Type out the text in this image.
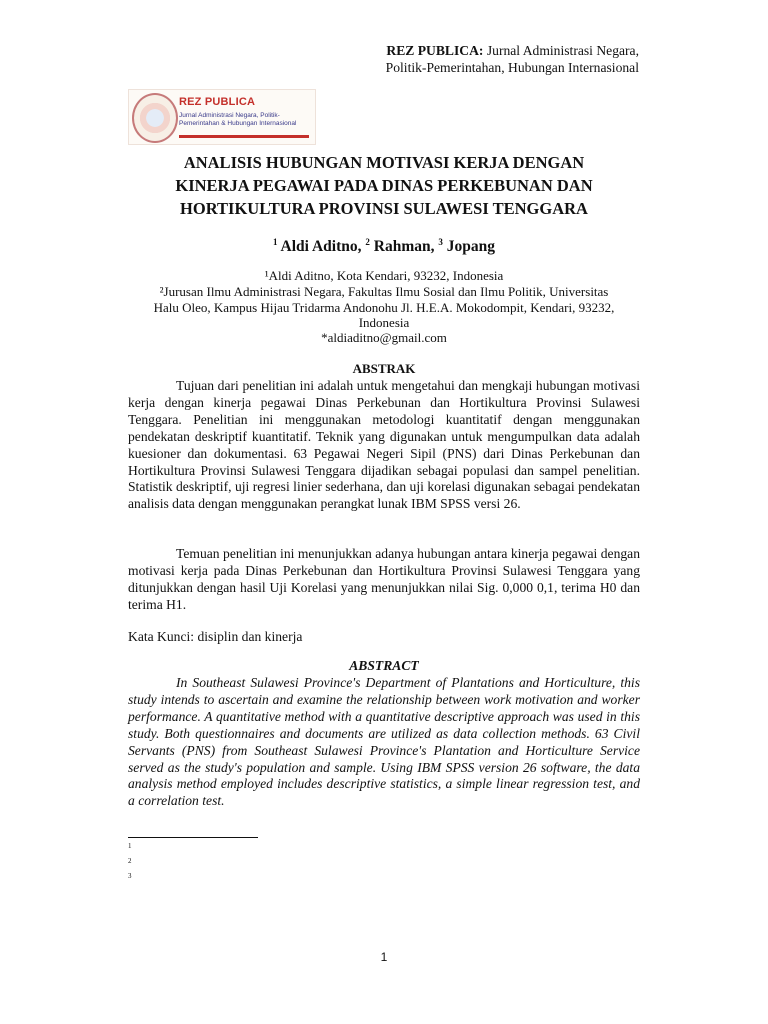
REZ PUBLICA: Jurnal Administrasi Negara,
Politik-Pemerintahan, Hubungan Internasional
REZ PUBLICA
Jurnal Administrasi Negara, Politik-Pemerintahan & Hubungan Internasional
ANALISIS HUBUNGAN MOTIVASI KERJA DENGAN
KINERJA PEGAWAI PADA DINAS PERKEBUNAN DAN
HORTIKULTURA PROVINSI SULAWESI TENGGARA
$^1$ Aldi Aditno, $^2$ Rahman, $^3$ Jopang
¹Aldi Aditno, Kota Kendari, 93232, Indonesia
²Jurusan Ilmu Administrasi Negara, Fakultas Ilmu Sosial dan Ilmu Politik, Universitas
Halu Oleo, Kampus Hijau Tridarma Andonohu Jl. H.E.A. Mokodompit, Kendari, 93232,
Indonesia
*aldiaditno@gmail.com
ABSTRAK

Tujuan dari penelitian ini adalah untuk mengetahui dan mengkaji hubungan motivasi kerja dengan kinerja pegawai Dinas Perkebunan dan Hortikultura Provinsi Sulawesi Tenggara. Penelitian ini menggunakan metodologi kuantitatif dengan menggunakan pendekatan deskriptif kuantitatif. Teknik yang digunakan untuk mengumpulkan data adalah kuesioner dan dokumentasi. 63 Pegawai Negeri Sipil (PNS) dari Dinas Perkebunan dan Hortikultura Provinsi Sulawesi Tenggara dijadikan sebagai populasi dan sampel penelitian. Statistik deskriptif, uji regresi linier sederhana, dan uji korelasi digunakan sebagai pendekatan analisis data dengan menggunakan perangkat lunak IBM SPSS versi 26.

Temuan penelitian ini menunjukkan adanya hubungan antara kinerja pegawai dengan motivasi kerja pada Dinas Perkebunan dan Hortikultura Provinsi Sulawesi Tenggara yang ditunjukkan dengan hasil Uji Korelasi yang menunjukkan nilai Sig. 0,000 0,1, terima H0 dan terima H1.

Kata Kunci: disiplin dan kinerja

ABSTRACT

In Southeast Sulawesi Province's Department of Plantations and Horticulture, this study intends to ascertain and examine the relationship between work motivation and worker performance. A quantitative method with a quantitative descriptive approach was used in this study. Both questionnaires and documents are utilized as data collection methods. 63 Civil Servants (PNS) from Southeast Sulawesi Province's Plantation and Horticulture Service served as the study's population and sample. Using IBM SPSS version 26 software, the data analysis method employed includes descriptive statistics, a simple linear regression test, and a correlation test.

1
2
3
1
